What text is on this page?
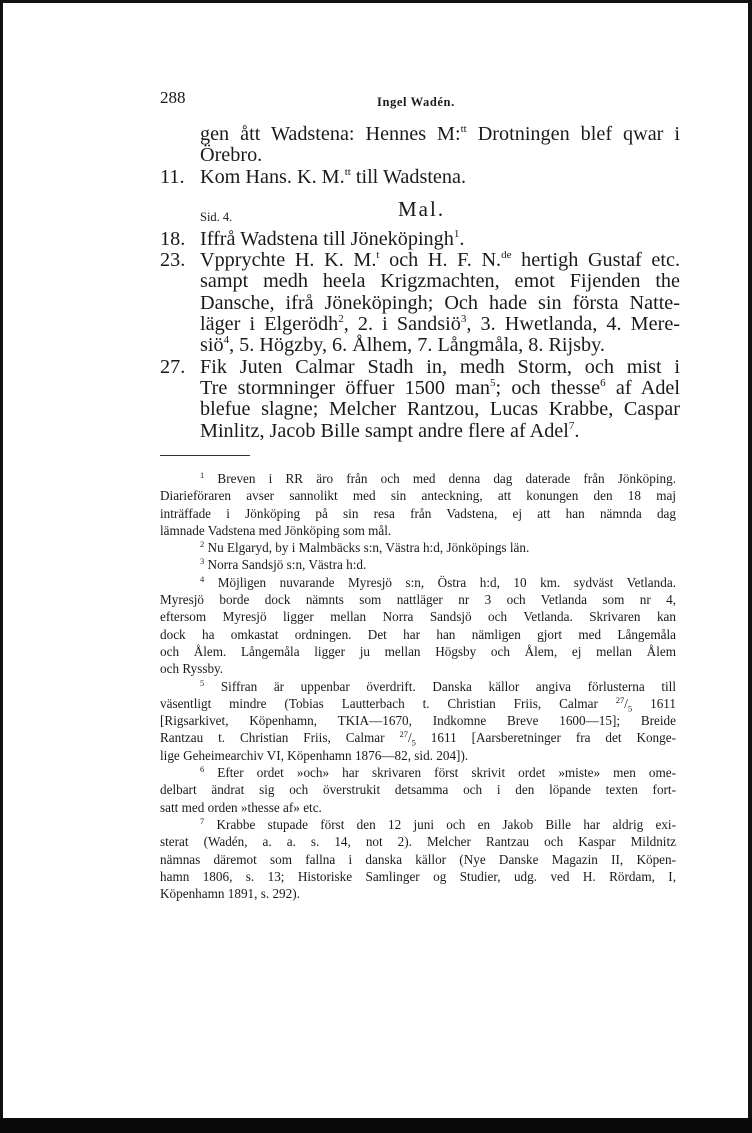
288	Ingel Wadén.
gen ått Wadstena: Hennes M:$^{tt}$ Drotningen blef qwar i
Örebro.
11. Kom Hans. K. M.$^{tt}$ till Wadstena.
Sid. 4.	Mal.
18. Iffrå Wadstena till Jöneköpingh$^1$.
23. Vpprychte H. K. M.$^t$ och H. F. N.$^{de}$ hertigh Gustaf etc.
sampt medh heela Krigzmachten, emot Fijenden the
Dansche, ifrå Jöneköpingh; Och hade sin första Natte-
läger i Elgerödh$^2$, 2. i Sandsiö$^3$, 3. Hwetlanda, 4. Mere-
siö$^4$, 5. Högzby, 6. Ålhem, 7. Långmåla, 8. Rijsby.
27. Fik Juten Calmar Stadh in, medh Storm, och mist i
Tre stormninger öffuer 1500 man$^5$; och thesse$^6$ af Adel
blefue slagne; Melcher Rantzou, Lucas Krabbe, Caspar
Minlitz, Jacob Bille sampt andre flere af Adel$^7$.
$^1$ Breven i RR äro från och med denna dag daterade från Jönköping.
Diarieföraren avser sannolikt med sin anteckning, att konungen den 18 maj
inträffade i Jönköping på sin resa från Vadstena, ej att han nämnda dag
lämnade Vadstena med Jönköping som mål.
$^2$ Nu Elgaryd, by i Malmbäcks s:n, Västra h:d, Jönköpings län.
$^3$ Norra Sandsjö s:n, Västra h:d.
$^4$ Möjligen nuvarande Myresjö s:n, Östra h:d, 10 km. sydväst Vetlanda.
Myresjö borde dock nämnts som nattläger nr 3 och Vetlanda som nr 4,
eftersom Myresjö ligger mellan Norra Sandsjö och Vetlanda. Skrivaren kan
dock ha omkastat ordningen. Det har han nämligen gjort med Långemåla
och Ålem. Långemåla ligger ju mellan Högsby och Ålem, ej mellan Ålem
och Ryssby.
$^5$ Siffran är uppenbar överdrift. Danska källor angiva förlusterna till
väsentligt mindre (Tobias Lautterbach t. Christian Friis, Calmar $^{27}/_5$ 1611
[Rigsarkivet, Köpenhamn, TKIA—1670, Indkomne Breve 1600—15]; Breide
Rantzau t. Christian Friis, Calmar $^{27}/_5$ 1611 [Aarsberetninger fra det Konge-
lige Geheimearchiv VI, Köpenhamn 1876—82, sid. 204]).
$^6$ Efter ordet »och» har skrivaren först skrivit ordet »miste» men ome-
delbart ändrat sig och överstrukit detsamma och i den löpande texten fort-
satt med orden »thesse af» etc.
$^7$ Krabbe stupade först den 12 juni och en Jakob Bille har aldrig exi-
sterat (Wadén, a. a. s. 14, not 2). Melcher Rantzau och Kaspar Mildnitz
nämnas däremot som fallna i danska källor (Nye Danske Magazin II, Köpen-
hamn 1806, s. 13; Historiske Samlinger og Studier, udg. ved H. Rördam, I,
Köpenhamn 1891, s. 292).
